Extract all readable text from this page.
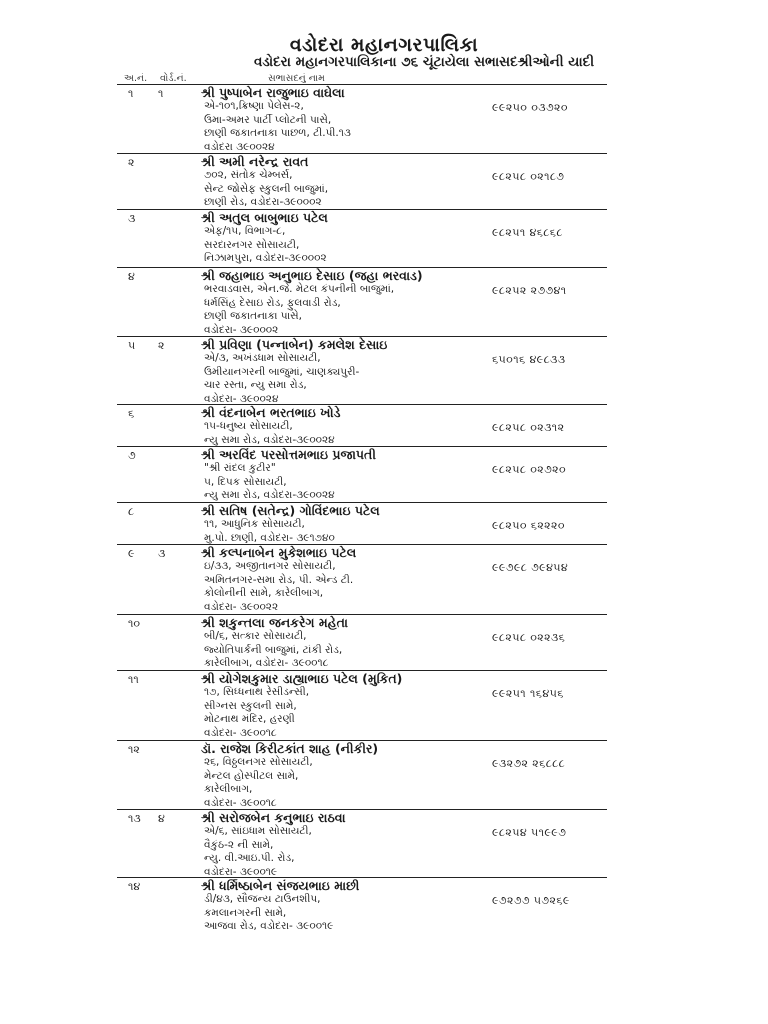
વડોદરા મહાનગરપાલિકા
વડોદરા મહાનગરપાલિકાના ૭૬ ચૂંટાયેલા સભાસદશ્રીઓની યાદી
અ.નં. વોર્ડ.નં.	સભાસદનું નામ
૧ ૧	શ્રી પુષ્પાબેન રાજુભાઇ વાઘેલા
૯૯૨૫૦ ૦૩૭૨૦
એ-૧૦૧,ક્રિષ્ણા પેલેસ-૨,
ઉમા-અમર પાર્ટી પ્લોટની પાસે,
છાણી જકાતનાકા પાછળ, ટી.પી.૧૩
વડોદરા ૩૯૦૦૨૪
૨	શ્રી અમી નરેન્દ્ર રાવત
૯૮૨૫૮ ૦૨૧૮૭
૭૦૨, સંતોક ચેમ્બર્સ,
સેન્ટ જોસેફ સ્કુલની બાજુમાં,
છાણી રોડ, વડોદરા-૩૯૦૦૦૨
૩	શ્રી અતુલ બાબુભાઇ પટેલ
૯૮૨૫૧ ૪૬૮૬૮
એફ/૧૫, વિભાગ-૮,
સરદારનગર સોસાયટી,
નિઝામપુરા, વડોદરા-૩૯૦૦૦૨
૪	શ્રી જહાભાઇ અનુભાઇ દેસાઇ (જહા ભરવાડ)
૯૮૨૫૨ ૨૭૭૪૧
ભરવાડવાસ, એન.જે. મેટલ કંપનીની બાજુમાં,
ધર્મસિંહ દેસાઇ રોડ, ફુલવાડી રોડ,
છાણી જકાતનાકા પાસે,
વડોદરા- ૩૯૦૦૦૨
૫ ૨	શ્રી પ્રવિણા (પન્નાબેન) કમલેશ દેસાઇ
૬૫૦૧૬ ૪૯૮૩૩
એ/૩, અખંડધામ સોસાયટી,
ઉમીયાનગરની બાજુમાં, ચાણક્યપુરી-
ચાર રસ્તા, ન્યુ સમા રોડ,
વડોદરા- ૩૯૦૦૨૪
૬	શ્રી વંદનાબેન ભરતભાઇ ખોડે
૯૮૨૫૮ ૦૨૩૧૨
૧૫-ધનુષ્ય સોસાયટી,
ન્યુ સમા રોડ, વડોદરા-૩૯૦૦૨૪
૭	શ્રી અરવિંદ પરસોત્તમભાઇ પ્રજાપતી
૯૮૨૫૮ ૦૨૭૨૦
"શ્રી રાંદલ કુટીર"
૫, દિપક સોસાયટી,
ન્યુ સમા રોડ, વડોદરા-૩૯૦૦૨૪
૮	શ્રી સતિષ (સતેન્દ્ર) ગોવિંદભાઇ પટેલ
૯૮૨૫૦ ૬૨૨૨૦
૧૧, આધુનિક સોસાયટી,
મુ.પો. છાણી, વડોદરા- ૩૯૧૭૪૦
૯ ૩	શ્રી કલ્પનાબેન મુકેશભાઇ પટેલ
૯૯૭૯૮ ૭૯૪૫૪
ઇ/૩૩, અજીતાનગર સોસાયટી,
અમિતનગર-સમા રોડ, પી. એન્ડ ટી.
કોલોનીની સામે, કારેલીબાગ,
વડોદરા- ૩૯૦૦૨૨
૧૦	શ્રી શકુન્તલા જનકરેગ મહેતા
૯૮૨૫૮ ૦૨૨૩૬
બી/૬, સત્કાર સોસાયટી,
જ્યોતિપાર્કની બાજુમાં, ટાંકી રોડ,
કારેલીબાગ, વડોદરા- ૩૯૦૦૧૮
૧૧	શ્રી યોગેશકુમાર ડાહ્યાભાઇ પટેલ (મુકિત)
૯૯૨૫૧ ૧૬૪૫૬
૧૭, સિધ્ધનાથ રેસીડન્સી,
સીગ્નસ સ્કુલની સામે,
મોટનાથ મંદિર, હરણી
વડોદરા- ૩૯૦૦૧૮
૧૨	ડૉ. રાજેશ કિરીટકાંત શાહ (નીકીર)
૯૩૨૭૨ ૨૬૮૮૮
૨૬, વિઠ્ઠલનગર સોસાયટી,
મેન્ટલ હોસ્પીટલ સામે,
કારેલીબાગ,
વડોદરા- ૩૯૦૦૧૮
૧૩ ૪	શ્રી સરોજબેન કનુભાઇ રાઠવા
૯૮૨૫૪ ૫૧૯૯૭
એ/૬, સાંઇધામ સોસાયટી,
વૈકુંઠ-૨ ની સામે,
ન્યુ. વી.આઇ.પી. રોડ,
વડોદરા- ૩૯૦૦૧૯
૧૪	શ્રી ધર્મિષ્ઠાબેન સંજયભાઇ માછી
૯૭૨૭૭ ૫૭૨૬૯
ડી/૪૩, સૌજન્ય ટાઉનશીપ,
કમલાનગરની સામે,
આજવા રોડ, વડોદરા- ૩૯૦૦૧૯
